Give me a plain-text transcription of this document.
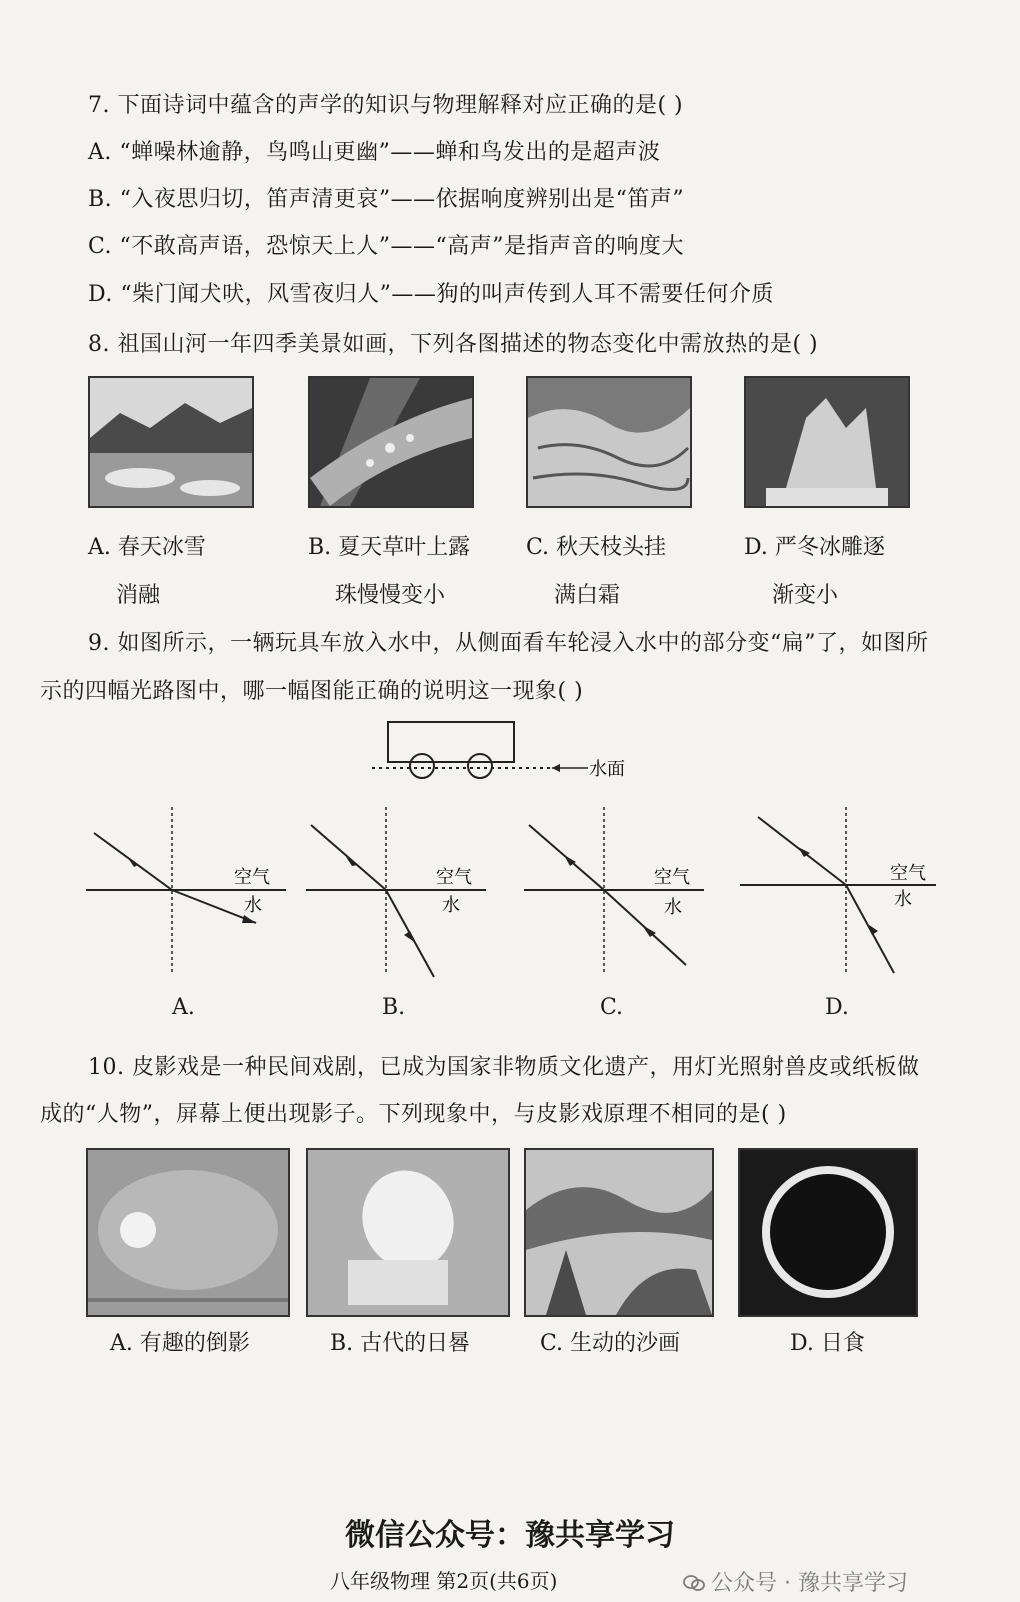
7. 下面诗词中蕴含的声学的知识与物理解释对应正确的是( )
A. “蝉噪林逾静，鸟鸣山更幽”——蝉和鸟发出的是超声波
B. “入夜思归切，笛声清更哀”——依据响度辨别出是“笛声”
C. “不敢高声语，恐惊天上人”——“高声”是指声音的响度大
D. “柴门闻犬吠，风雪夜归人”——狗的叫声传到人耳不需要任何介质
8. 祖国山河一年四季美景如画，下列各图描述的物态变化中需放热的是( )
A. 春天冰雪
消融
B. 夏天草叶上露
珠慢慢变小
C. 秋天枝头挂
满白霜
D. 严冬冰雕逐
渐变小
9. 如图所示，一辆玩具车放入水中，从侧面看车轮浸入水中的部分变“扁”了，如图所
示的四幅光路图中，哪一幅图能正确的说明这一现象( )
水面
空气
水
空气
水
空气
水
空气
水
A.	B.	C.	D.
10. 皮影戏是一种民间戏剧，已成为国家非物质文化遗产，用灯光照射兽皮或纸板做
成的“人物”，屏幕上便出现影子。下列现象中，与皮影戏原理不相同的是( )
A. 有趣的倒影	B. 古代的日晷	C. 生动的沙画	D. 日食
微信公众号：豫共享学习
八年级物理 第2页(共6页)	公众号 · 豫共享学习
